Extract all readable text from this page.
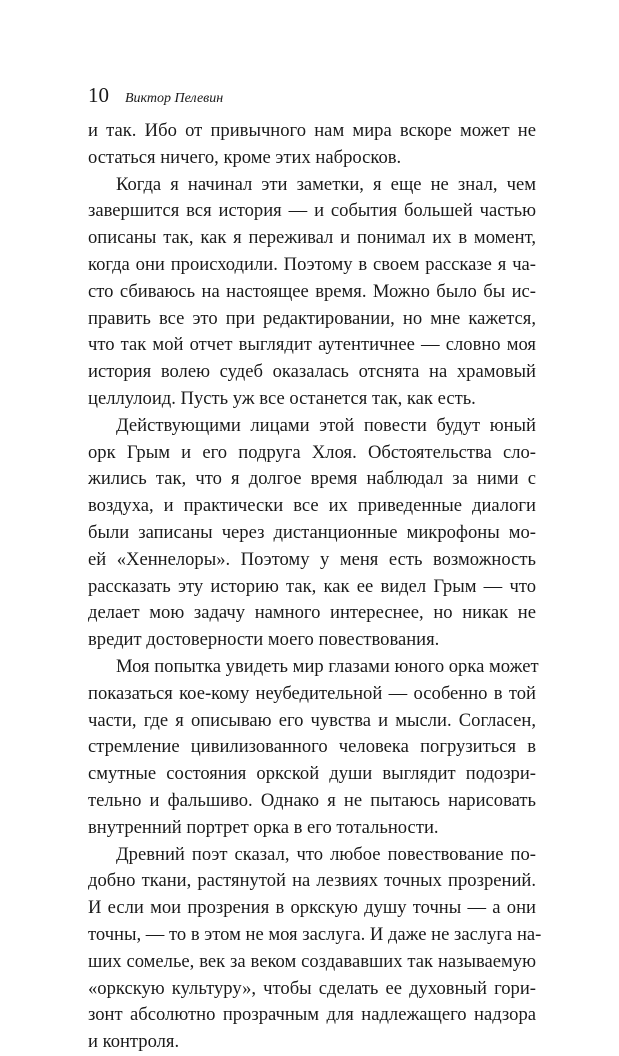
10 Виктор Пелевин
и так. Ибо от привычного нам мира вскоре может не
остаться ничего, кроме этих набросков.
Когда я начинал эти заметки, я еще не знал, чем
завершится вся история — и события большей частью
описаны так, как я переживал и понимал их в момент,
когда они происходили. Поэтому в своем рассказе я ча-
сто сбиваюсь на настоящее время. Можно было бы ис-
править все это при редактировании, но мне кажется,
что так мой отчет выглядит аутентичнее — словно моя
история волею судеб оказалась отснята на храмовый
целлулоид. Пусть уж все останется так, как есть.
Действующими лицами этой повести будут юный
орк Грым и его подруга Хлоя. Обстоятельства сло-
жились так, что я долгое время наблюдал за ними с
воздуха, и практически все их приведенные диалоги
были записаны через дистанционные микрофоны мо-
ей «Хеннелоры». Поэтому у меня есть возможность
рассказать эту историю так, как ее видел Грым — что
делает мою задачу намного интереснее, но никак не
вредит достоверности моего повествования.
Моя попытка увидеть мир глазами юного орка может
показаться кое-кому неубедительной — особенно в той
части, где я описываю его чувства и мысли. Согласен,
стремление цивилизованного человека погрузиться в
смутные состояния оркской души выглядит подозри-
тельно и фальшиво. Однако я не пытаюсь нарисовать
внутренний портрет орка в его тотальности.
Древний поэт сказал, что любое повествование по-
добно ткани, растянутой на лезвиях точных прозрений.
И если мои прозрения в оркскую душу точны — а они
точны, — то в этом не моя заслуга. И даже не заслуга на-
ших сомелье, век за веком создававших так называемую
«оркскую культуру», чтобы сделать ее духовный гори-
зонт абсолютно прозрачным для надлежащего надзора
и контроля.
